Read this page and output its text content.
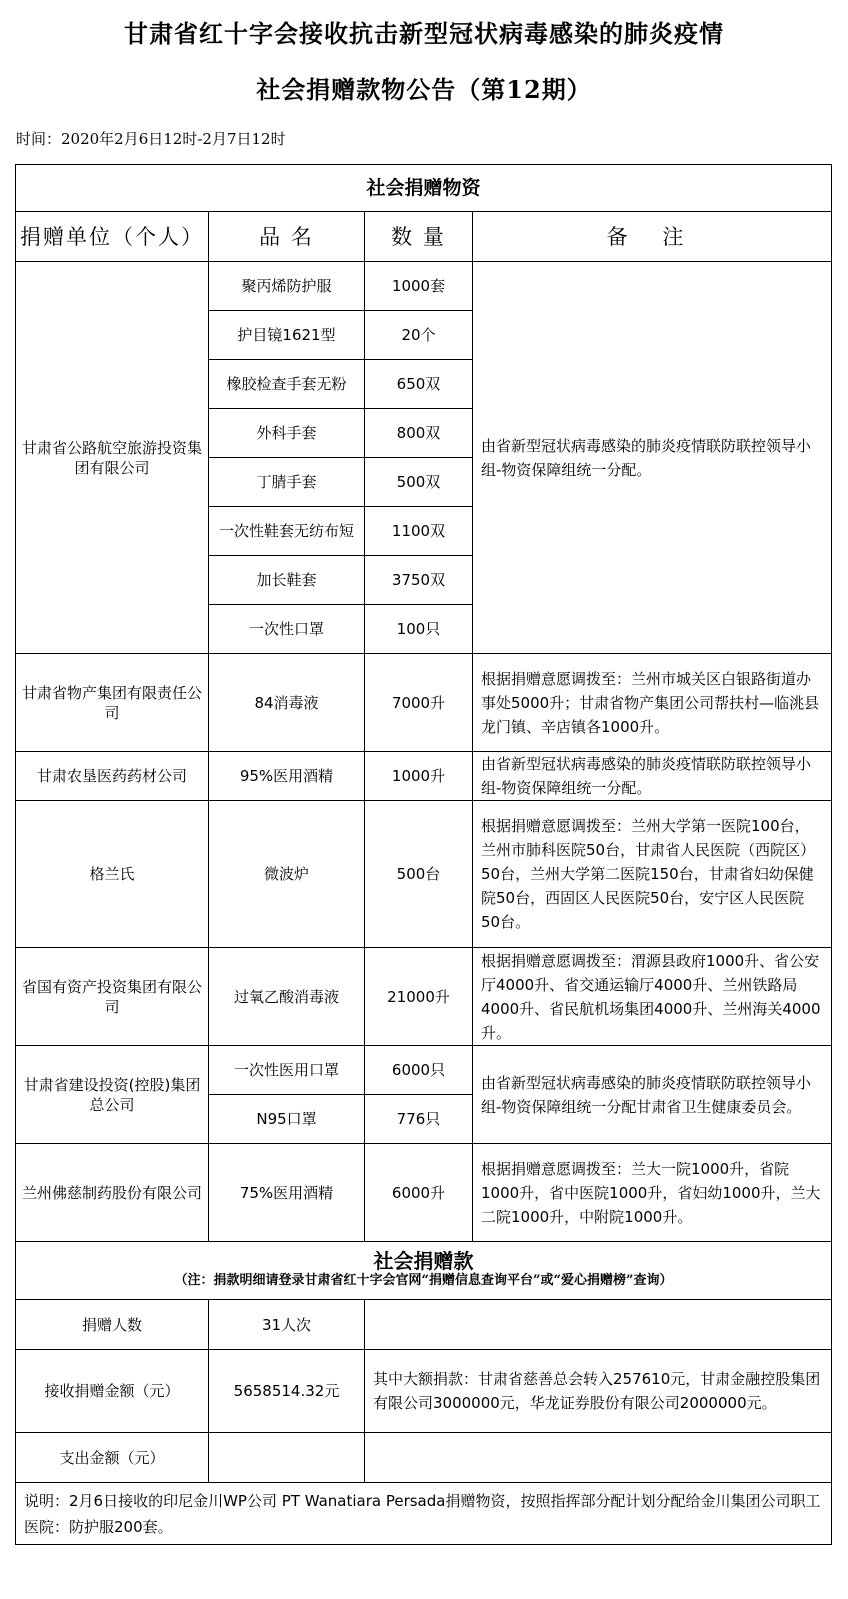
甘肃省红十字会接收抗击新型冠状病毒感染的肺炎疫情
社会捐赠款物公告（第12期）
时间：2020年2月6日12时-2月7日12时
社会捐赠物资			
捐赠单位（个人）	品 名	数 量	备 注
甘肃省公路航空旅游投资集团有限公司	聚丙烯防护服	1000套	由省新型冠状病毒感染的肺炎疫情联防联控领导小组-物资保障组统一分配。
	护目镜1621型	20个	
	橡胶检查手套无粉	650双	
	外科手套	800双	
	丁腈手套	500双	
	一次性鞋套无纺布短	1100双	
	加长鞋套	3750双	
	一次性口罩	100只	
甘肃省物产集团有限责任公司	84消毒液	7000升	根据捐赠意愿调拨至：兰州市城关区白银路街道办事处5000升；甘肃省物产集团公司帮扶村—临洮县龙门镇、辛店镇各1000升。
甘肃农垦医药药材公司	95%医用酒精	1000升	由省新型冠状病毒感染的肺炎疫情联防联控领导小组-物资保障组统一分配。
格兰氏	微波炉	500台	根据捐赠意愿调拨至：兰州大学第一医院100台，兰州市肺科医院50台，甘肃省人民医院（西院区）50台，兰州大学第二医院150台，甘肃省妇幼保健院50台，西固区人民医院50台，安宁区人民医院50台。
省国有资产投资集团有限公司	过氧乙酸消毒液	21000升	根据捐赠意愿调拨至：渭源县政府1000升、省公安厅4000升、省交通运输厅4000升、兰州铁路局4000升、省民航机场集团4000升、兰州海关4000升。
甘肃省建设投资(控股)集团总公司	一次性医用口罩	6000只	由省新型冠状病毒感染的肺炎疫情联防联控领导小组-物资保障组统一分配甘肃省卫生健康委员会。
	N95口罩	776只	
兰州佛慈制药股份有限公司	75%医用酒精	6000升	根据捐赠意愿调拨至：兰大一院1000升，省院1000升，省中医院1000升，省妇幼1000升，兰大二院1000升，中附院1000升。

社会捐赠款
（注：捐款明细请登录甘肃省红十字会官网“捐赠信息查询平台”或“爱心捐赠榜”查询）			

捐赠人数	31人次		
接收捐赠金额（元）	5658514.32元	其中大额捐款：甘肃省慈善总会转入257610元，甘肃金融控股集团有限公司3000000元，华龙证券股份有限公司2000000元。	
支出金额（元）			
说明：2月6日接收的印尼金川WP公司 PT Wanatiara Persada捐赠物资，按照指挥部分配计划分配给金川集团公司职工医院：防护服200套。			
